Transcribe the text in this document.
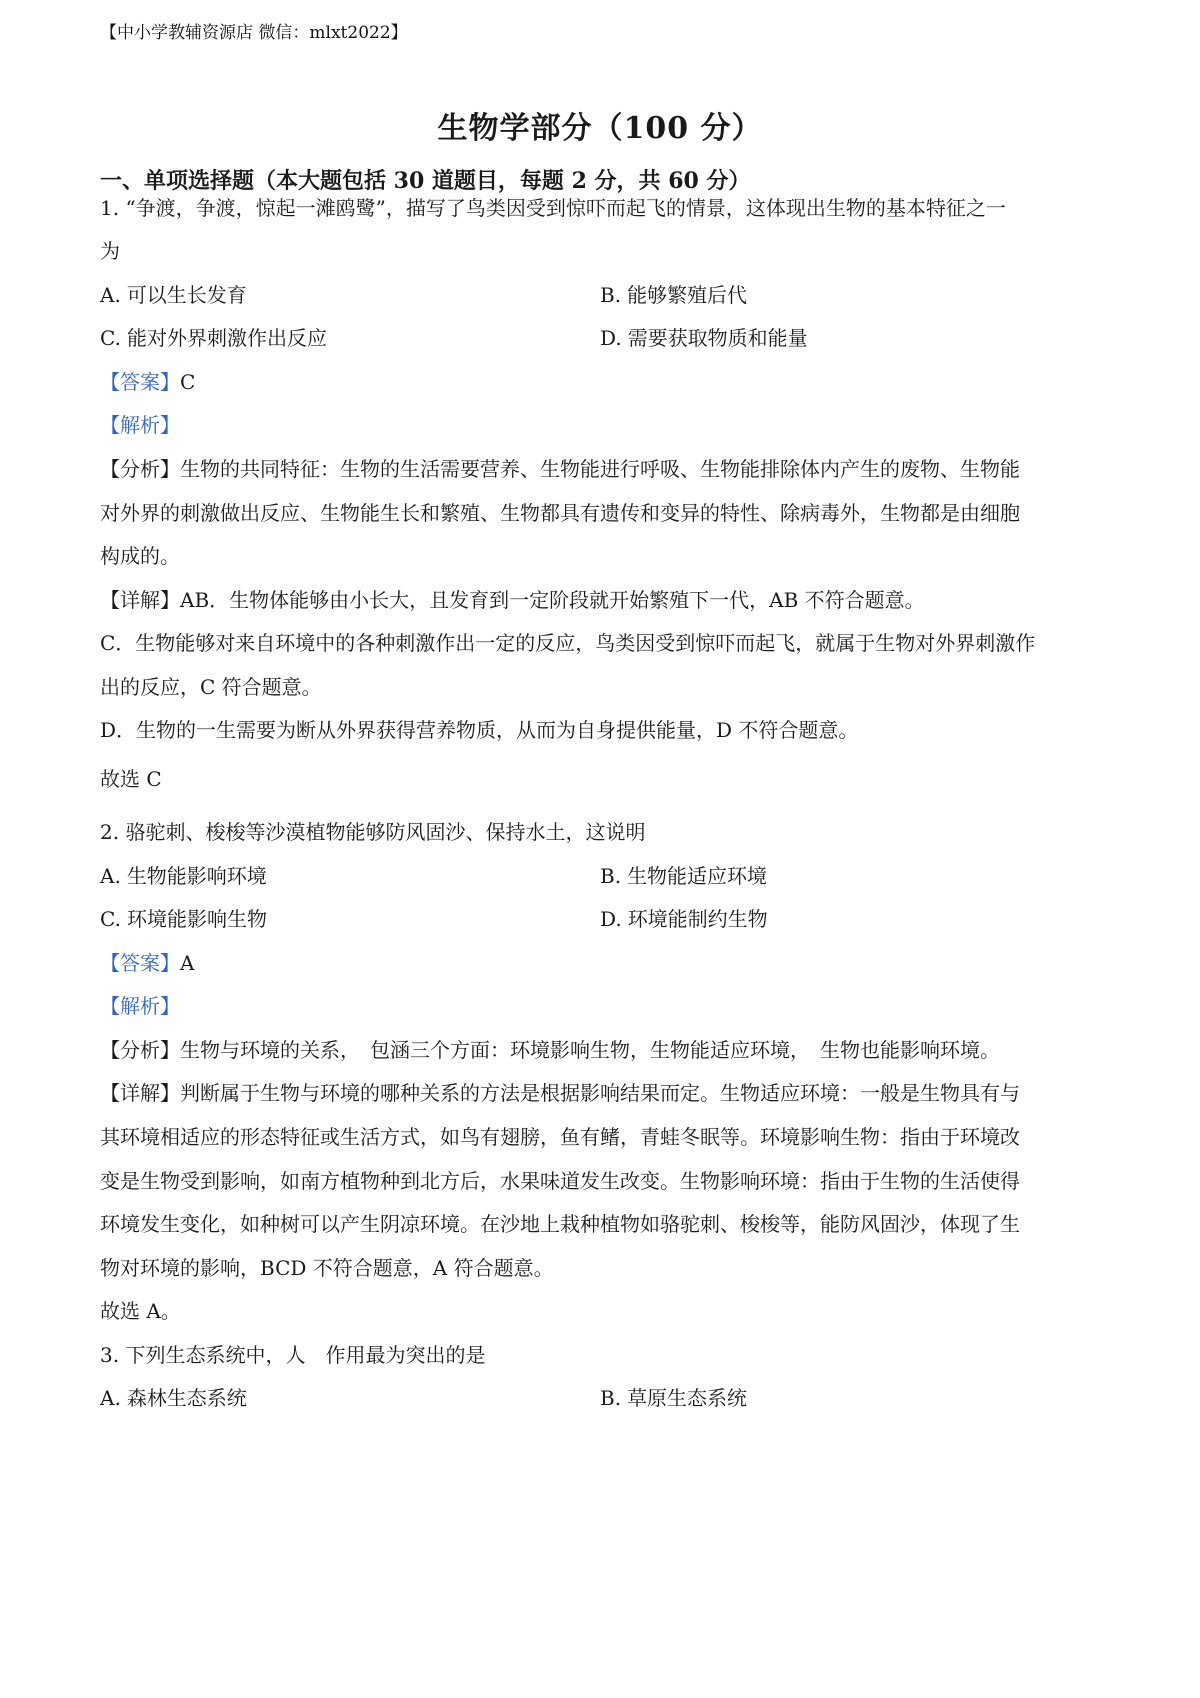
【中小学教辅资源店 微信：mlxt2022】
生物学部分（100 分）
一、单项选择题（本大题包括 30 道题目，每题 2 分，共 60 分）
1. “争渡，争渡，惊起一滩鸥鹭”，描写了鸟类因受到惊吓而起飞的情景，这体现出生物的基本特征之一
为
A. 可以生长发育	B. 能够繁殖后代
C. 能对外界刺激作出反应	D. 需要获取物质和能量
【答案】C
【解析】
【分析】生物的共同特征：生物的生活需要营养、生物能进行呼吸、生物能排除体内产生的废物、生物能
对外界的刺激做出反应、生物能生长和繁殖、生物都具有遗传和变异的特性、除病毒外，生物都是由细胞
构成的。
【详解】AB．生物体能够由小长大，且发育到一定阶段就开始繁殖下一代，AB 不符合题意。
C．生物能够对来自环境中的各种刺激作出一定的反应，鸟类因受到惊吓而起飞，就属于生物对外界刺激作
出的反应，C 符合题意。
D．生物的一生需要为断从外界获得营养物质，从而为自身提供能量，D 不符合题意。
故选 C
2. 骆驼刺、梭梭等沙漠植物能够防风固沙、保持水土，这说明
A. 生物能影响环境	B. 生物能适应环境
C. 环境能影响生物	D. 环境能制约生物
【答案】A
【解析】
【分析】生物与环境的关系，　包涵三个方面：环境影响生物，生物能适应环境，　生物也能影响环境。
【详解】判断属于生物与环境的哪种关系的方法是根据影响结果而定。生物适应环境：一般是生物具有与
其环境相适应的形态特征或生活方式，如鸟有翅膀，鱼有鳍，青蛙冬眠等。环境影响生物：指由于环境改
变是生物受到影响，如南方植物种到北方后，水果味道发生改变。生物影响环境：指由于生物的生活使得
环境发生变化，如种树可以产生阴凉环境。在沙地上栽种植物如骆驼刺、梭梭等，能防风固沙，体现了生
物对环境的影响，BCD 不符合题意，A 符合题意。
故选 A。
3. 下列生态系统中，人　作用最为突出的是
A. 森林生态系统	B. 草原生态系统
